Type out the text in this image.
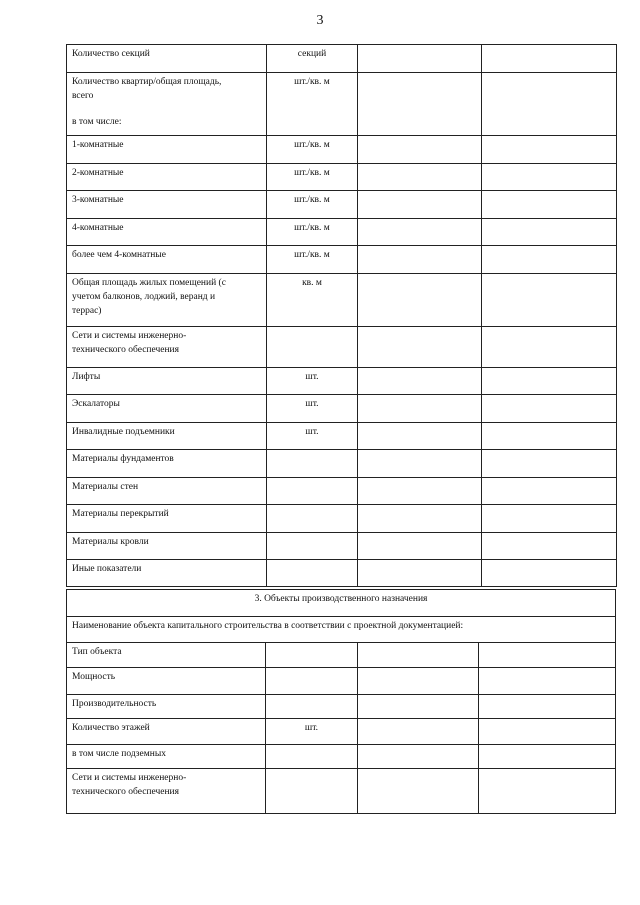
3
Количество секций	секций		

Количество квартир/общая площадь,
всего
в том числе:	шт./кв. м		

1-комнатные	шт./кв. м		

2-комнатные	шт./кв. м		

3-комнатные	шт./кв. м		

4-комнатные	шт./кв. м		

более чем 4-комнатные	шт./кв. м		

Общая площадь жилых помещений (с
учетом балконов, лоджий, веранд и
террас)	кв. м		

Сети и системы инженерно-
технического обеспечения			

Лифты	шт.		

Эскалаторы	шт.		

Инвалидные подъемники	шт.		

Материалы фундаментов			

Материалы стен			

Материалы перекрытий			

Материалы кровли			

Иные показатели			

3. Объекты производственного назначения			
Наименование объекта капитального строительства в соответствии с проектной документацией:			

Тип объекта			

Мощность			

Производительность			

Количество этажей	шт.		

в том числе подземных			

Сети и системы инженерно-
технического обеспечения			
